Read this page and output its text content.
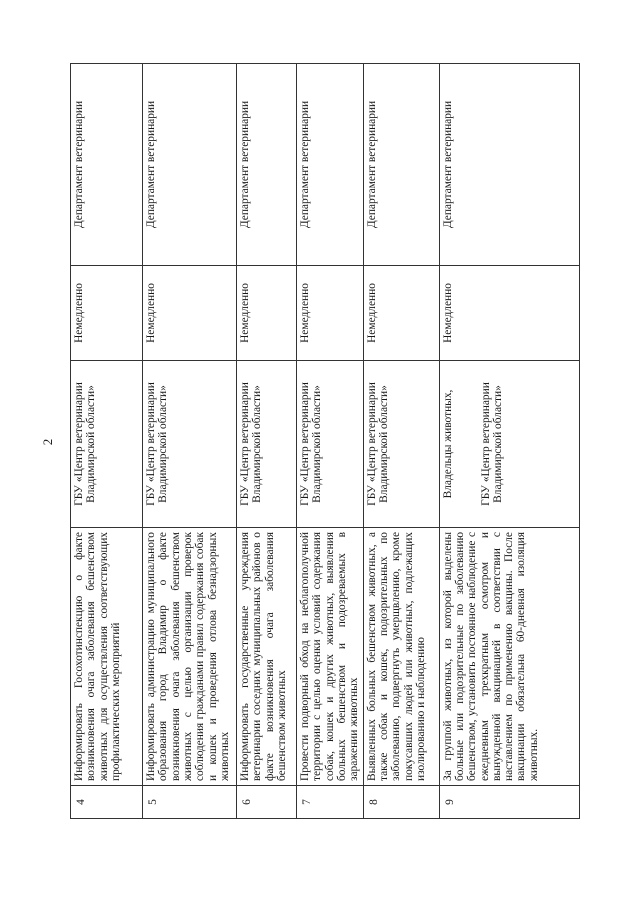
2
4	Информировать Госохотинспекцию о факте возникновения очага заболевания бешенством животных для осуществления соответствующих профилактических мероприятий	ГБУ «Центр ветеринарии Владимирской области»	Немедленно	Департамент ветеринарии
5	Информировать администрацию муниципального образования город Владимир о факте возникновения очага заболевания бешенством животных с целью организации проверок соблюдения гражданами правил содержания собак и кошек и проведения отлова безнадзорных животных	ГБУ «Центр ветеринарии Владимирской области»	Немедленно	Департамент ветеринарии
6	Информировать государственные учреждения ветеринарии соседних муниципальных районов о факте возникновения очага заболевания бешенством животных	ГБУ «Центр ветеринарии Владимирской области»	Немедленно	Департамент ветеринарии
7	Провести подворный обход на неблагополучной территории с целью оценки условий содержания собак, кошек и других животных, выявления больных бешенством и подозреваемых в заражении животных	ГБУ «Центр ветеринарии Владимирской области»	Немедленно	Департамент ветеринарии
8	Выявленных больных бешенством животных, а также собак и кошек, подозрительных по заболеванию, подвергнуть умерщвлению, кроме покусавших людей или животных, подлежащих изолированию и наблюдению	ГБУ «Центр ветеринарии Владимирской области»	Немедленно	Департамент ветеринарии
9	За группой животных, из которой выделены больные или подозрительные по заболеванию бешенством, установить постоянное наблюдение с ежедневным трехкратным осмотром и вынужденной вакцинацией в соответствии с наставлением по применению вакцины. После вакцинации обязательна 60-дневная изоляция животных.	Владельцы животных, ГБУ «Центр ветеринарии Владимирской области»	Немедленно	Департамент ветеринарии
